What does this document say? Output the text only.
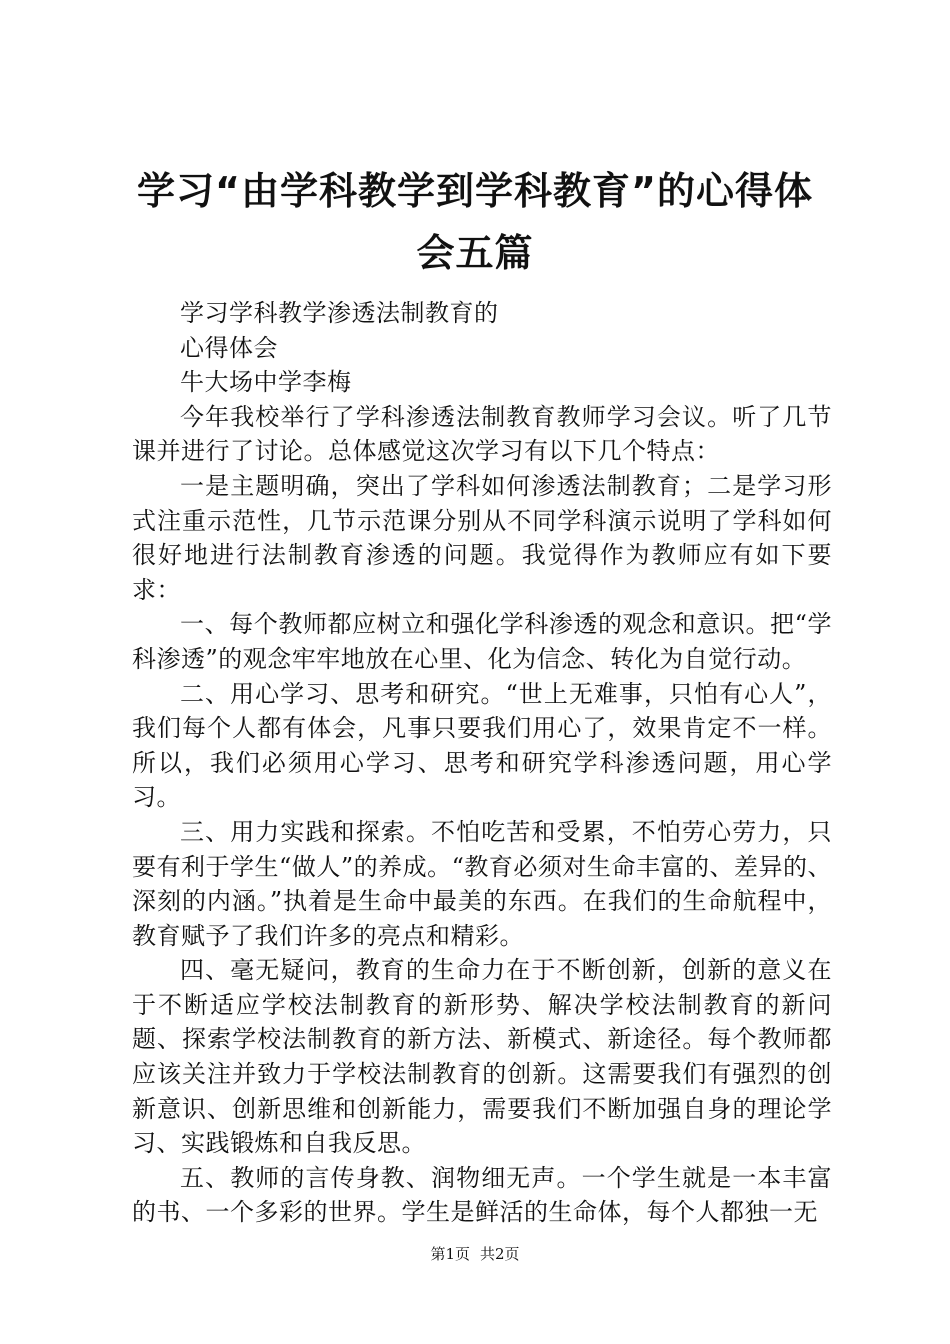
学习“由学科教学到学科教育”的心得体会五篇

学习学科教学渗透法制教育的

心得体会

牛大场中学李梅

今年我校举行了学科渗透法制教育教师学习会议。听了几节课并进行了讨论。总体感觉这次学习有以下几个特点：

一是主题明确，突出了学科如何渗透法制教育；二是学习形式注重示范性，几节示范课分别从不同学科演示说明了学科如何很好地进行法制教育渗透的问题。我觉得作为教师应有如下要求：

一、每个教师都应树立和强化学科渗透的观念和意识。把“学科渗透”的观念牢牢地放在心里、化为信念、转化为自觉行动。

二、用心学习、思考和研究。“世上无难事，只怕有心人”，我们每个人都有体会，凡事只要我们用心了，效果肯定不一样。所以，我们必须用心学习、思考和研究学科渗透问题，用心学习。

三、用力实践和探索。不怕吃苦和受累，不怕劳心劳力，只要有利于学生“做人”的养成。“教育必须对生命丰富的、差异的、深刻的内涵。”执着是生命中最美的东西。在我们的生命航程中，教育赋予了我们许多的亮点和精彩。

四、毫无疑问，教育的生命力在于不断创新，创新的意义在于不断适应学校法制教育的新形势、解决学校法制教育的新问题、探索学校法制教育的新方法、新模式、新途径。每个教师都应该关注并致力于学校法制教育的创新。这需要我们有强烈的创新意识、创新思维和创新能力，需要我们不断加强自身的理论学习、实践锻炼和自我反思。

五、教师的言传身教、润物细无声。一个学生就是一本丰富的书、一个多彩的世界。学生是鲜活的生命体，每个人都独一无

第1页 共2页
